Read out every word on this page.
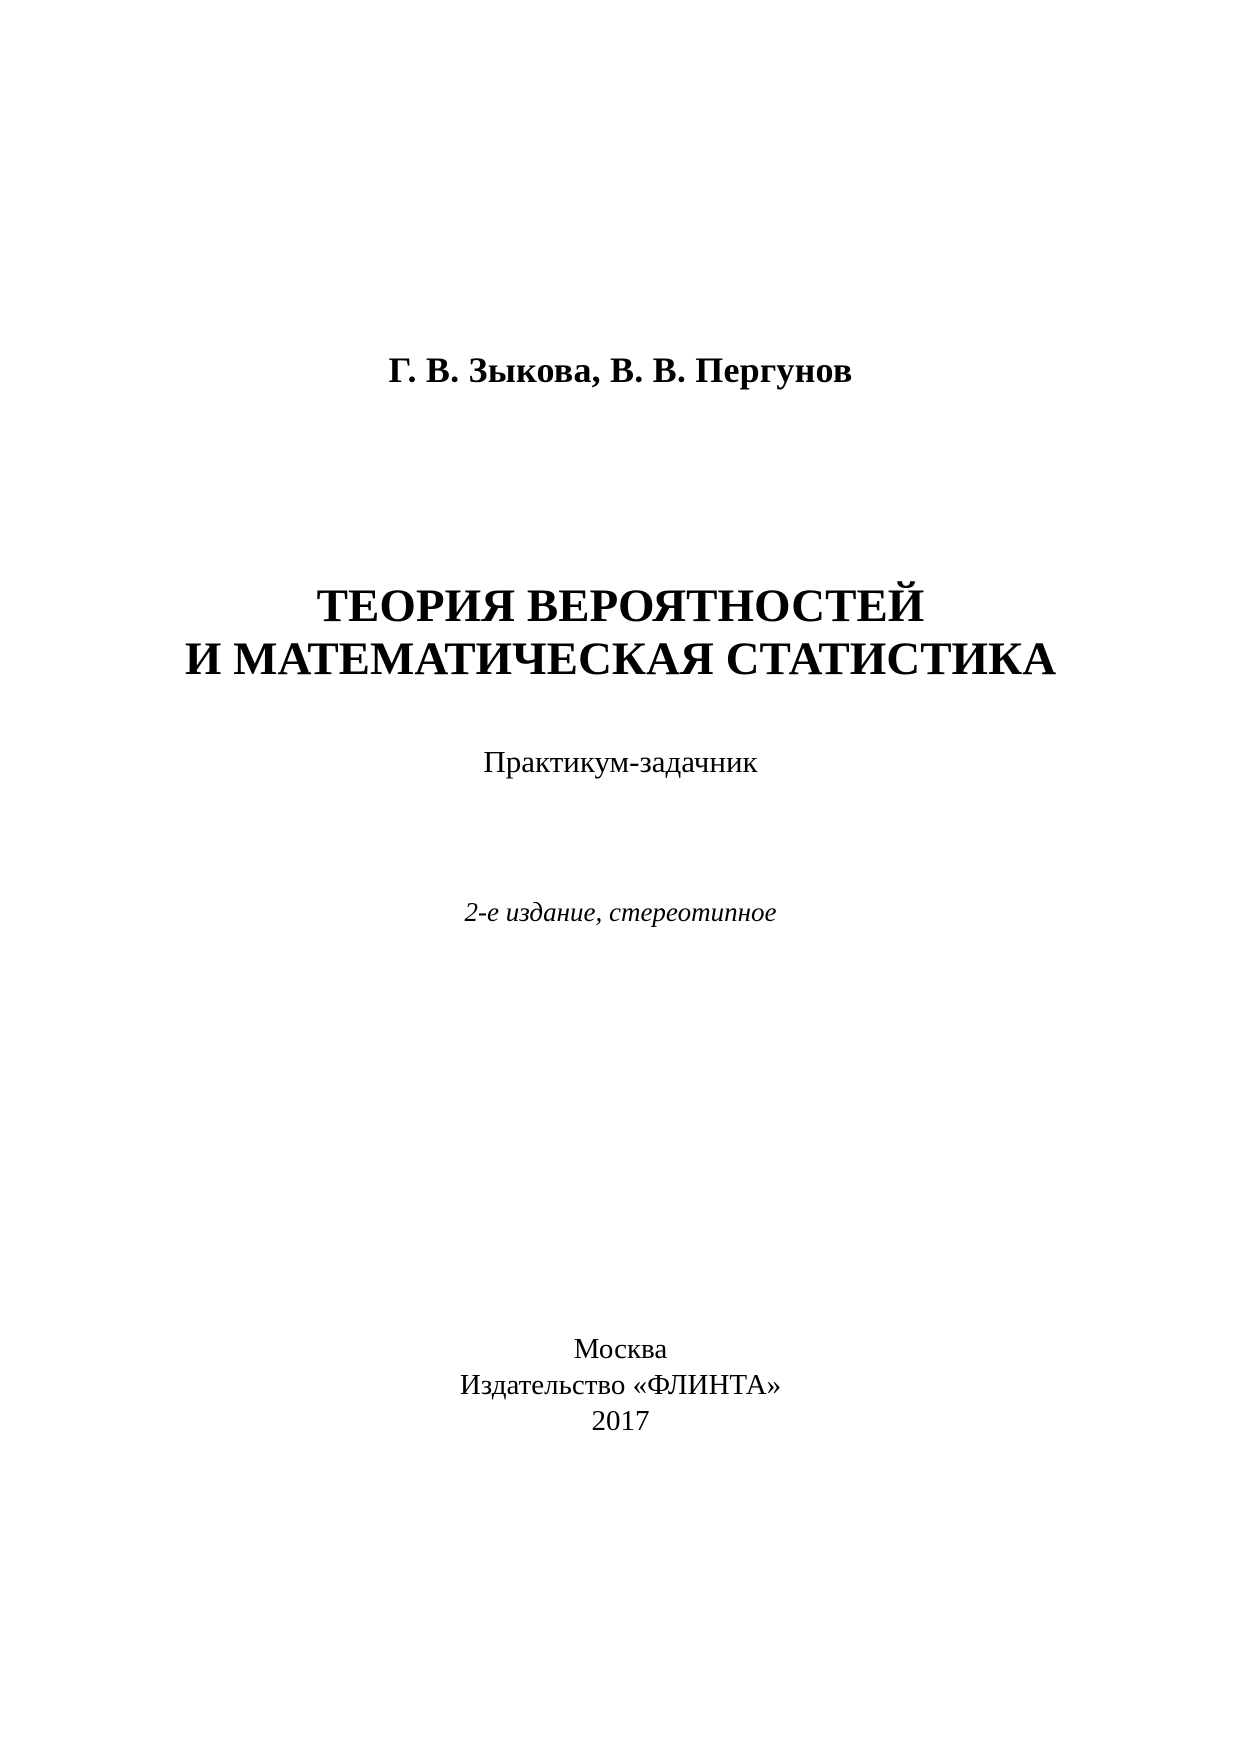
Г. В. Зыкова, В. В. Пергунов
ТЕОРИЯ ВЕРОЯТНОСТЕЙ
И МАТЕМАТИЧЕСКАЯ СТАТИСТИКА
Практикум-задачник
2-е издание, стереотипное
Москва
Издательство «ФЛИНТА»
2017
